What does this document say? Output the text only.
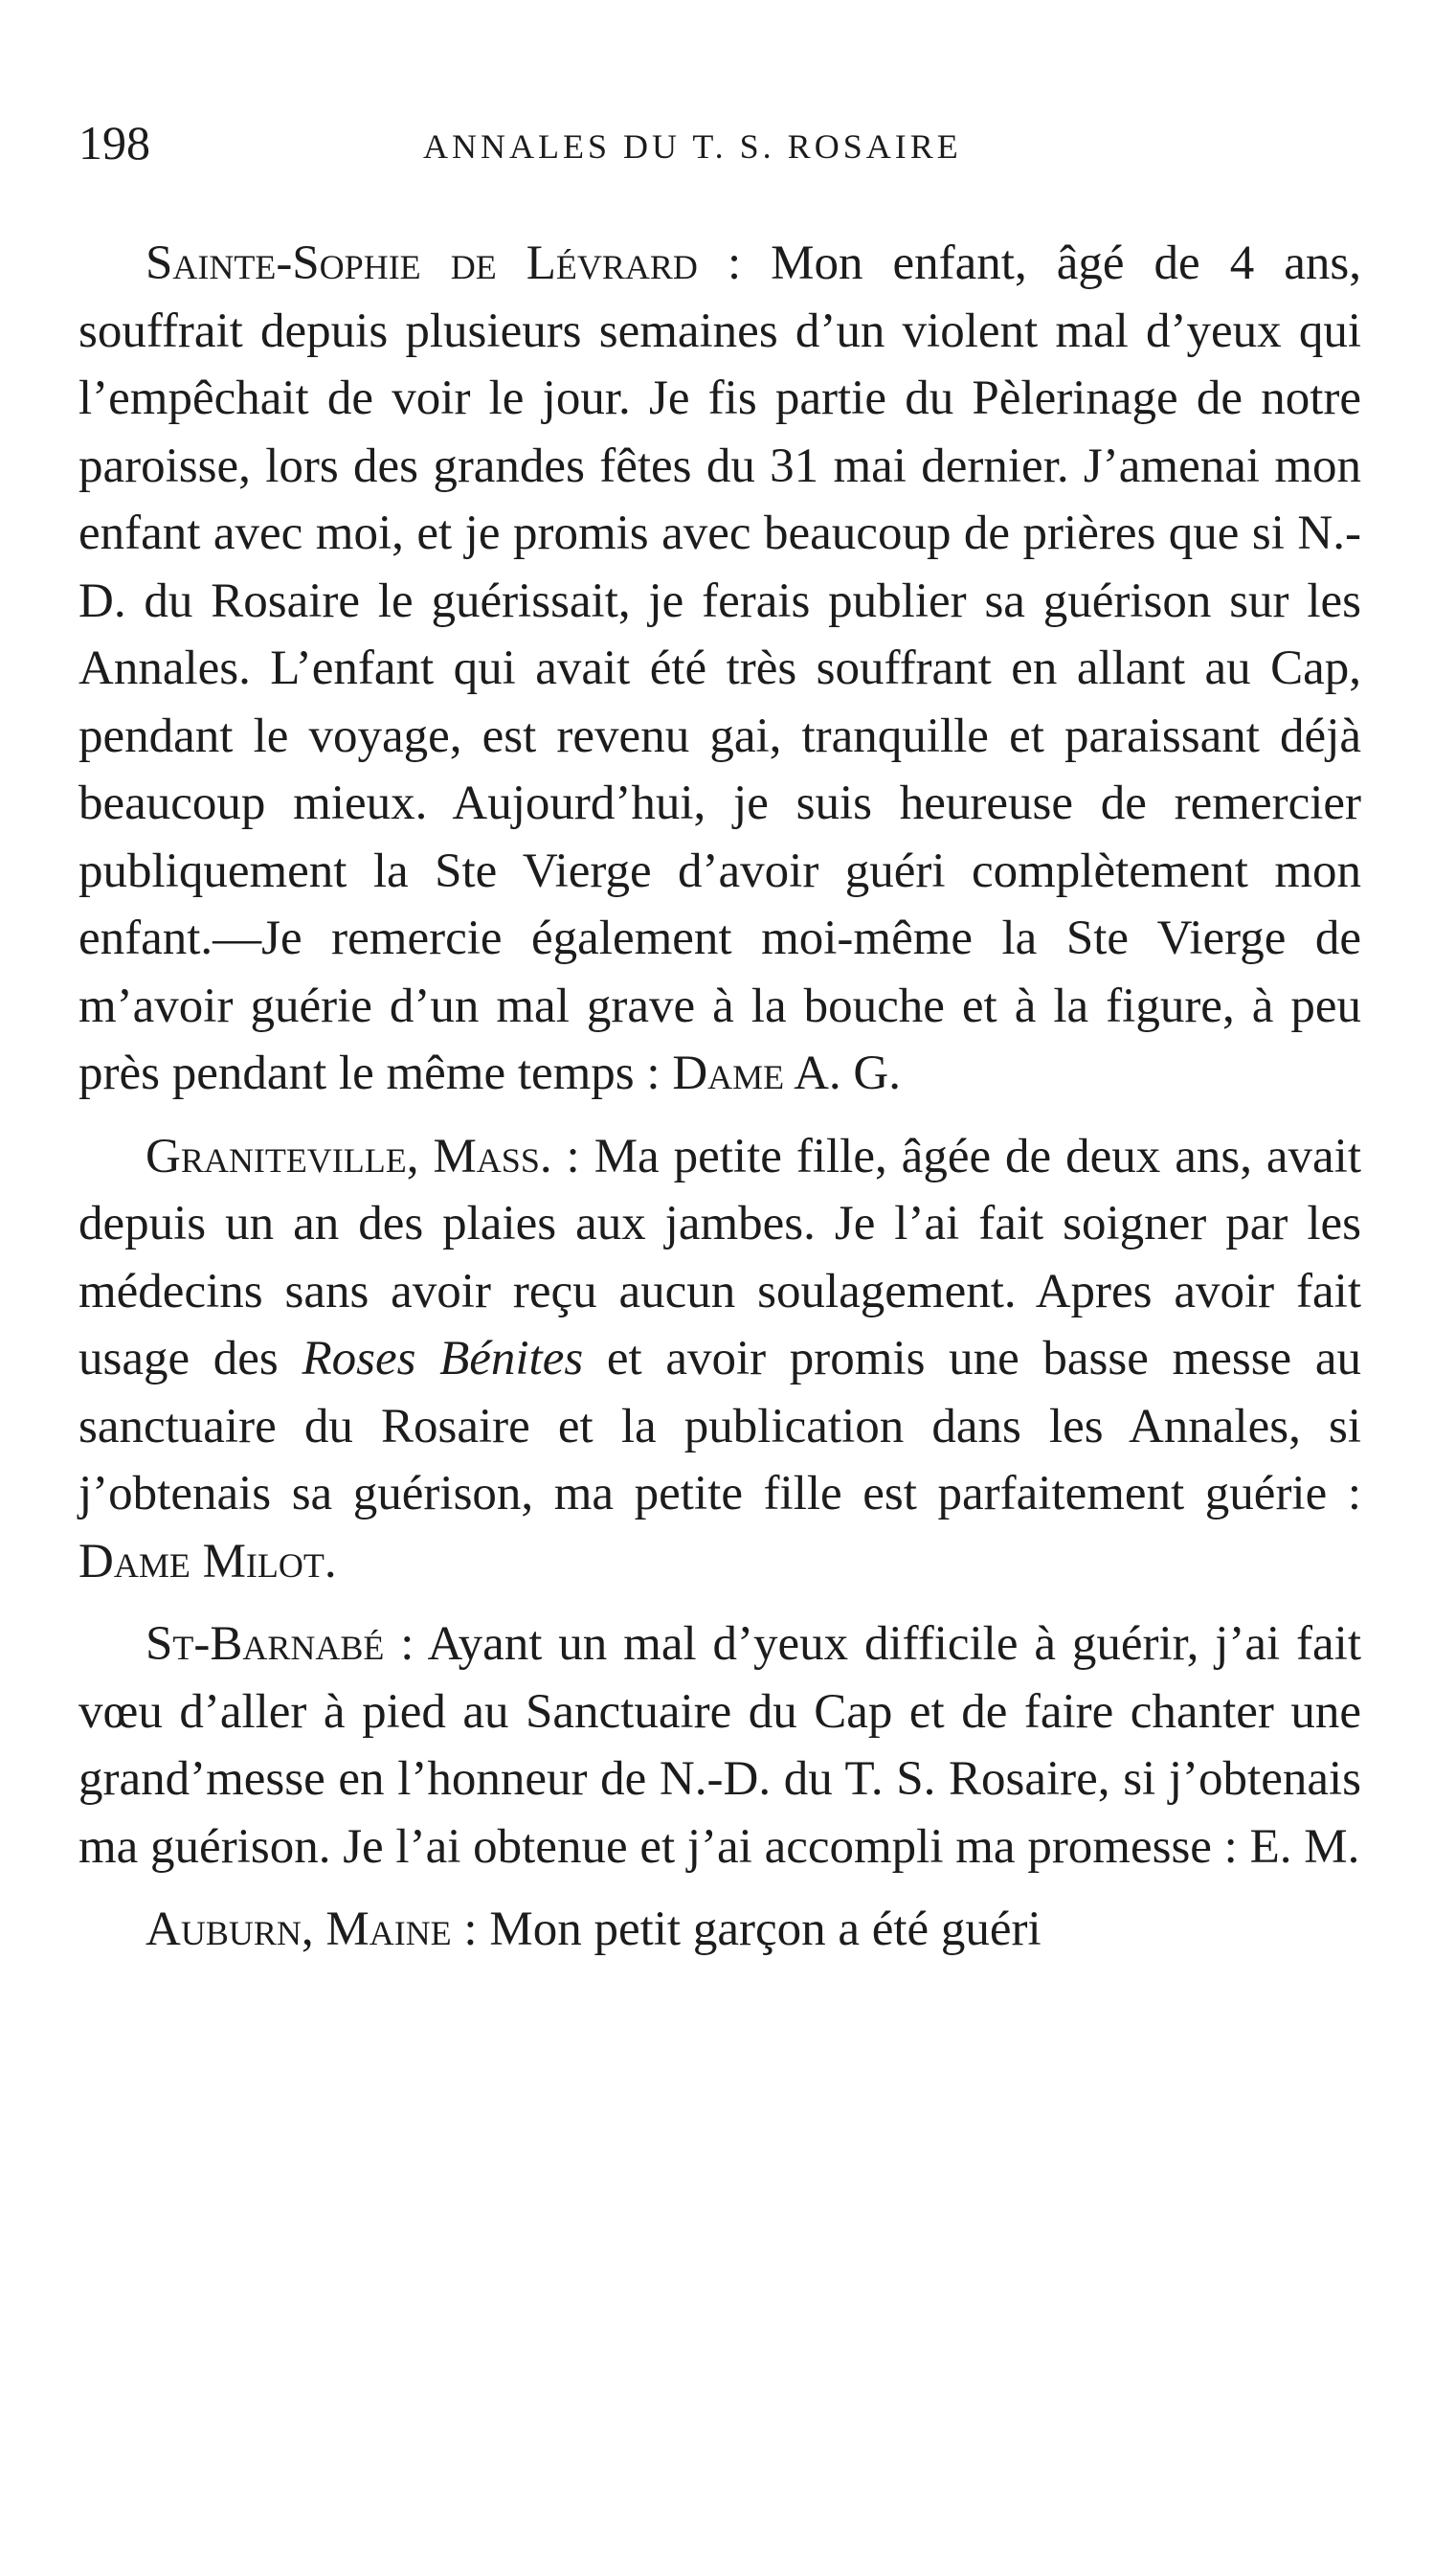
198	ANNALES DU T. S. ROSAIRE

Sainte-Sophie de Lévrard : Mon enfant, âgé de 4 ans, souffrait depuis plusieurs semaines d’un violent mal d’yeux qui l’empêchait de voir le jour. Je fis partie du Pèlerinage de notre paroisse, lors des grandes fêtes du 31 mai dernier. J’amenai mon enfant avec moi, et je promis avec beaucoup de prières que si N.-D. du Rosaire le guérissait, je ferais publier sa guérison sur les Annales. L’enfant qui avait été très souffrant en allant au Cap, pendant le voyage, est revenu gai, tranquille et paraissant déjà beaucoup mieux. Aujourd’hui, je suis heureuse de remercier publiquement la Ste Vierge d’avoir guéri complètement mon enfant.—Je remercie également moi-même la Ste Vierge de m’avoir guérie d’un mal grave à la bouche et à la figure, à peu près pendant le même temps : Dame A. G.

Graniteville, Mass. : Ma petite fille, âgée de deux ans, avait depuis un an des plaies aux jambes. Je l’ai fait soigner par les médecins sans avoir reçu aucun soulagement. Apres avoir fait usage des Roses Bénites et avoir promis une basse messe au sanctuaire du Rosaire et la publication dans les Annales, si j’obtenais sa guérison, ma petite fille est parfaitement guérie : Dame Milot.

St-Barnabé : Ayant un mal d’yeux difficile à guérir, j’ai fait vœu d’aller à pied au Sanctuaire du Cap et de faire chanter une grand’messe en l’honneur de N.-D. du T. S. Rosaire, si j’obtenais ma guérison. Je l’ai obtenue et j’ai accompli ma promesse : E. M.

Auburn, Maine : Mon petit garçon a été guéri
